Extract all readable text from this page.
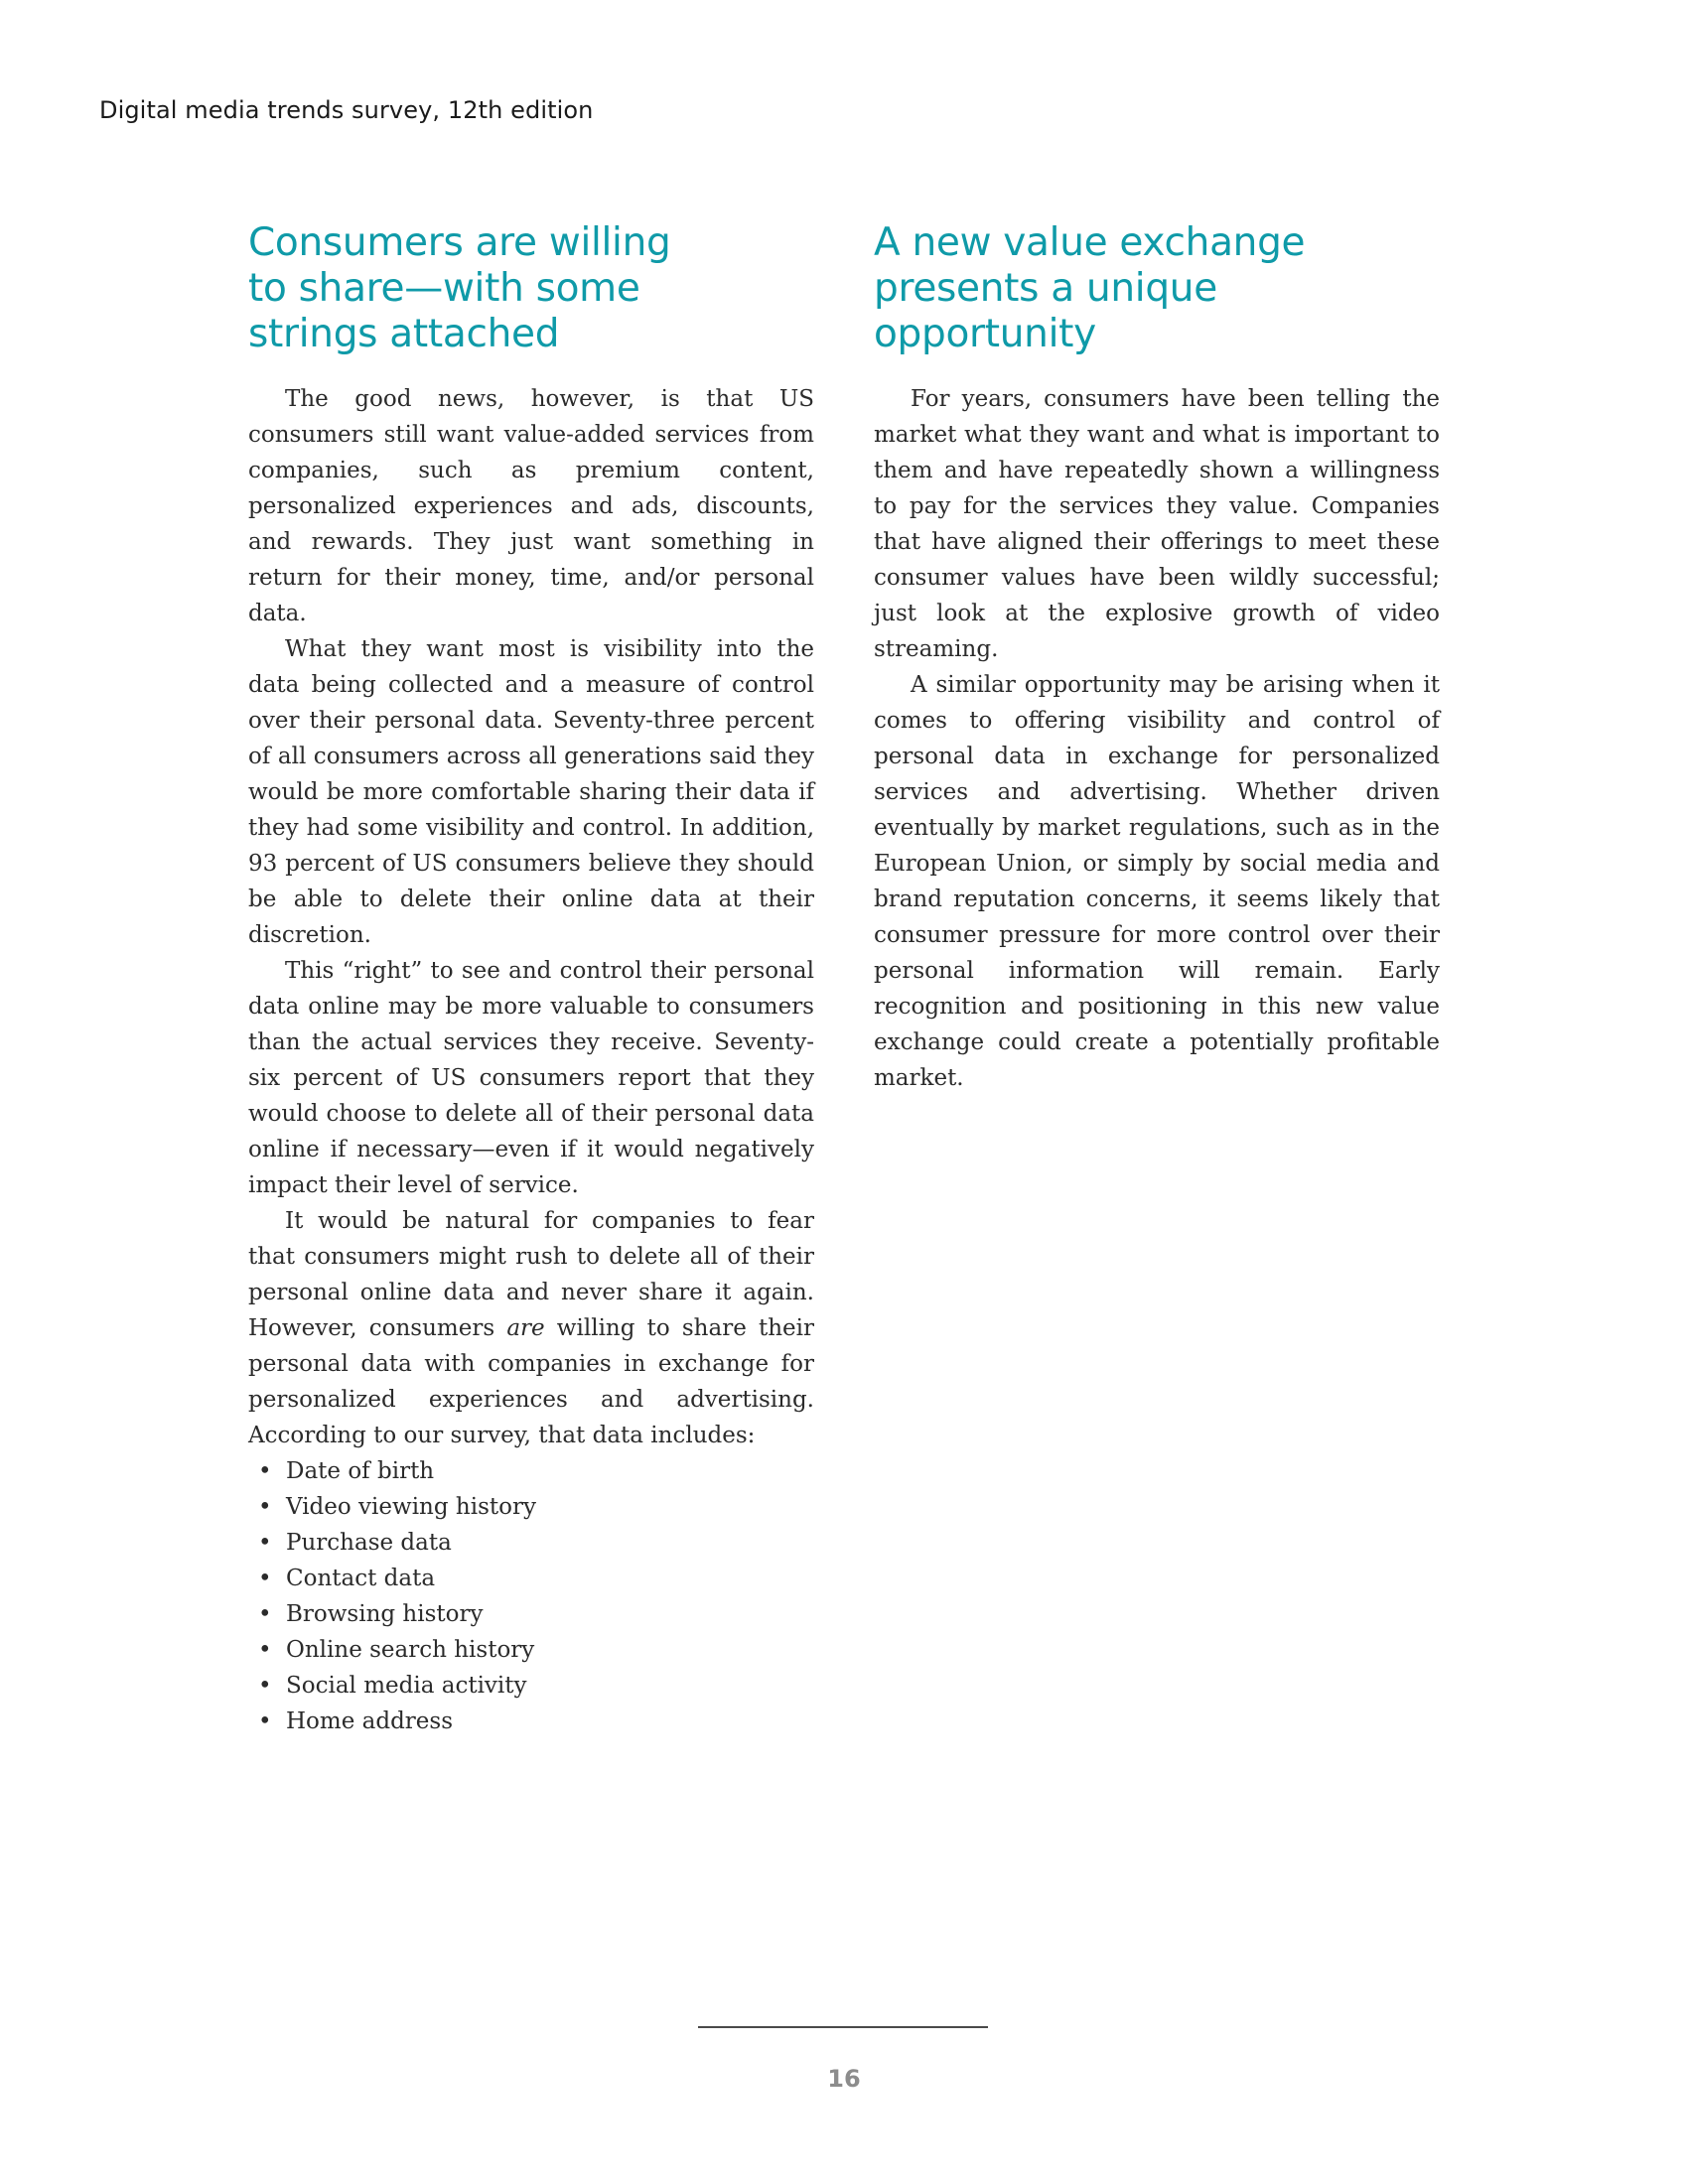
Digital media trends survey, 12th edition
Consumers are willing
to share—with some
strings attached

The good news, however, is that US consumers still want value-added services from companies, such as premium content, personalized experiences and ads, discounts, and rewards. They just want something in return for their money, time, and/or personal data.

What they want most is visibility into the data being collected and a measure of control over their personal data. Seventy-three percent of all consumers across all generations said they would be more comfortable sharing their data if they had some visibility and control. In addition, 93 percent of US consumers believe they should be able to delete their online data at their discretion.

This “right” to see and control their personal data online may be more valuable to consumers than the actual services they receive. Seventy-six percent of US consumers report that they would choose to delete all of their personal data online if necessary—even if it would negatively impact their level of service.

It would be natural for companies to fear that consumers might rush to delete all of their personal online data and never share it again. However, consumers are willing to share their personal data with companies in exchange for personalized experiences and advertising. According to our survey, that data includes:

• Date of birth
• Video viewing history
• Purchase data
• Contact data
• Browsing history
• Online search history
• Social media activity
• Home address
A new value exchange
presents a unique opportunity

For years, consumers have been telling the market what they want and what is important to them and have repeatedly shown a willingness to pay for the services they value. Companies that have aligned their offerings to meet these consumer values have been wildly successful; just look at the explosive growth of video streaming.

A similar opportunity may be arising when it comes to offering visibility and control of personal data in exchange for personalized services and advertising. Whether driven eventually by market regulations, such as in the European Union, or simply by social media and brand reputation concerns, it seems likely that consumer pressure for more control over their personal information will remain. Early recognition and positioning in this new value exchange could create a potentially profitable market.

16
